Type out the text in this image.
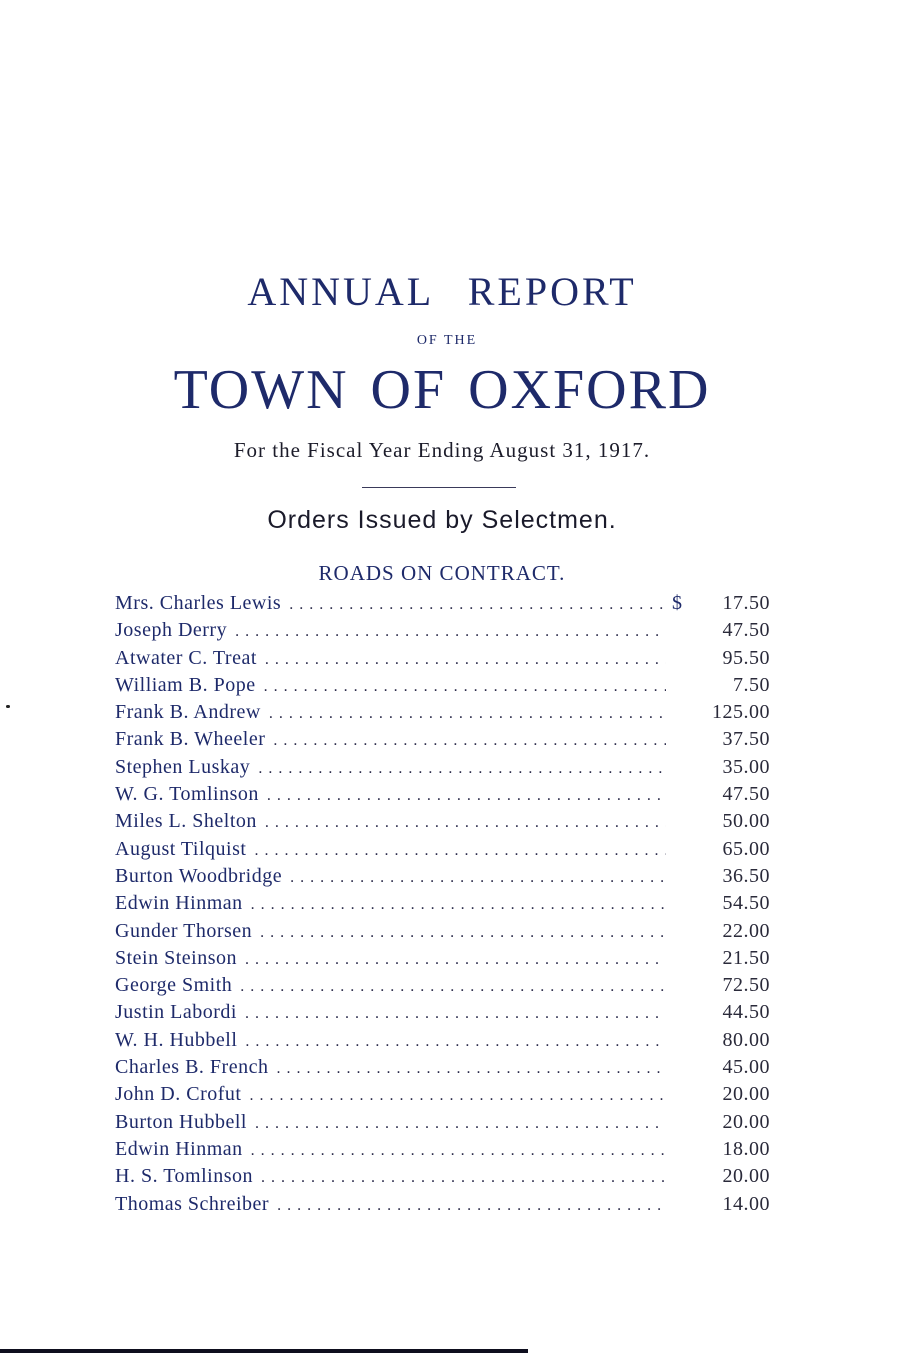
ANNUAL REPORT
OF THE
TOWN OF OXFORD
For the Fiscal Year Ending August 31, 1917.
Orders Issued by Selectmen.
ROADS ON CONTRACT.
Mrs. Charles Lewis . . .	$	17.50
Joseph Derry . . .	47.50
Atwater C. Treat . . .	95.50
William B. Pope . . .	7.50
Frank B. Andrew . . .	125.00
Frank B. Wheeler . . .	37.50
Stephen Luskay . . .	35.00
W. G. Tomlinson . . .	47.50
Miles L. Shelton . . .	50.00
August Tilquist . . .	65.00
Burton Woodbridge . . .	36.50
Edwin Hinman . . .	54.50
Gunder Thorsen . . .	22.00
Stein Steinson . . .	21.50
George Smith . . .	72.50
Justin Labordi . . .	44.50
W. H. Hubbell . . .	80.00
Charles B. French . . .	45.00
John D. Crofut . . .	20.00
Burton Hubbell . . .	20.00
Edwin Hinman . . .	18.00
H. S. Tomlinson . . .	20.00
Thomas Schreiber . . .	14.00
